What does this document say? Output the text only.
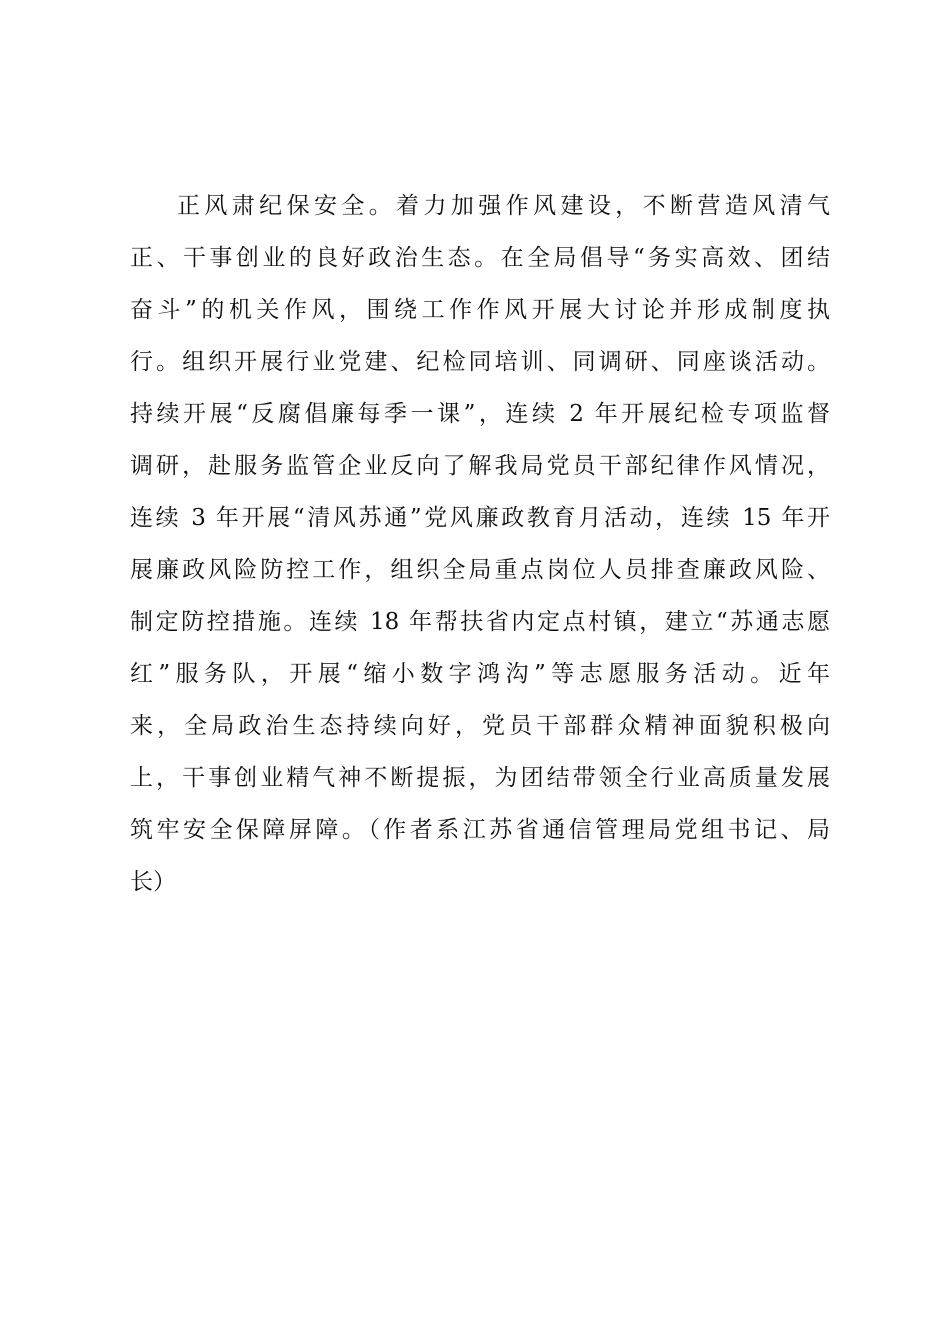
正风肃纪保安全。着力加强作风建设，不断营造风清气
正、干事创业的良好政治生态。在全局倡导“务实高效、团结
奋斗”的机关作风，围绕工作作风开展大讨论并形成制度执
行。组织开展行业党建、纪检同培训、同调研、同座谈活动。
持续开展“反腐倡廉每季一课”，连续 2 年开展纪检专项监督
调研，赴服务监管企业反向了解我局党员干部纪律作风情况，
连续 3 年开展“清风苏通”党风廉政教育月活动，连续 15 年开
展廉政风险防控工作，组织全局重点岗位人员排查廉政风险、
制定防控措施。连续 18 年帮扶省内定点村镇，建立“苏通志愿
红”服务队，开展“缩小数字鸿沟”等志愿服务活动。近年
来，全局政治生态持续向好，党员干部群众精神面貌积极向
上，干事创业精气神不断提振，为团结带领全行业高质量发展
筑牢安全保障屏障。（作者系江苏省通信管理局党组书记、局
长）
